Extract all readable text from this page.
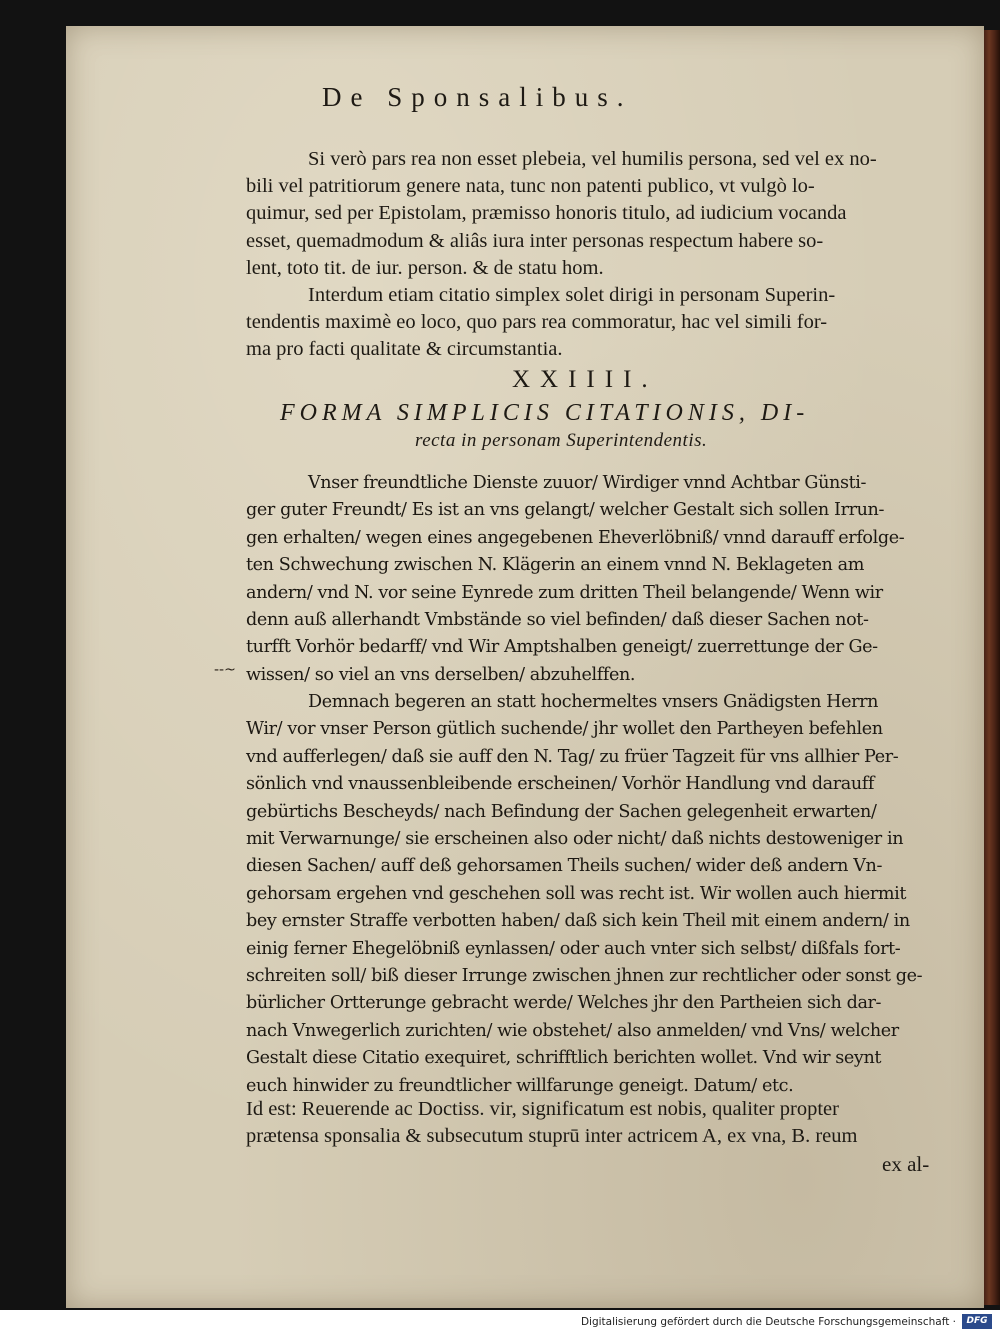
De Sponsalibus.
Si verò pars rea non esset plebeia, vel humilis persona, sed vel ex no-
bili vel patritiorum genere nata, tunc non patenti publico, vt vulgò lo-
quimur, sed per Epistolam, præmisso honoris titulo, ad iudicium vocanda
esset, quemadmodum & aliâs iura inter personas respectum habere so-
lent, toto tit. de iur. person. & de statu hom.
Interdum etiam citatio simplex solet dirigi in personam Superin-
tendentis maximè eo loco, quo pars rea commoratur, hac vel simili for-
ma pro facti qualitate & circumstantia.
XXIIII.
FORMA SIMPLICIS CITATIONIS, DI-
recta in personam Superintendentis.
Vnser freundtliche Dienste zuuor/ Wirdiger vnnd Achtbar Günsti-
ger guter Freundt/ Es ist an vns gelangt/ welcher Gestalt sich sollen Irrun-
gen erhalten/ wegen eines angegebenen Eheverlöbniß/ vnnd darauff erfolge-
ten Schwechung zwischen N. Klägerin an einem vnnd N. Beklageten am
andern/ vnd N. vor seine Eynrede zum dritten Theil belangende/ Wenn wir
denn auß allerhandt Vmbstände so viel befinden/ daß dieser Sachen not-
turfft Vorhör bedarff/ vnd Wir Amptshalben geneigt/ zuerrettunge der Ge-
wissen/ so viel an vns derselben/ abzuhelffen.
--~
Demnach begeren an statt hochermeltes vnsers Gnädigsten Herrn
Wir/ vor vnser Person gütlich suchende/ jhr wollet den Partheyen befehlen
vnd aufferlegen/ daß sie auff den N. Tag/ zu früer Tagzeit für vns allhier Per-
sönlich vnd vnaussenbleibende erscheinen/ Vorhör Handlung vnd darauff
gebürtichs Bescheyds/ nach Befindung der Sachen gelegenheit erwarten/
mit Verwarnunge/ sie erscheinen also oder nicht/ daß nichts destoweniger in
diesen Sachen/ auff deß gehorsamen Theils suchen/ wider deß andern Vn-
gehorsam ergehen vnd geschehen soll was recht ist. Wir wollen auch hiermit
bey ernster Straffe verbotten haben/ daß sich kein Theil mit einem andern/ in
einig ferner Ehegelöbniß eynlassen/ oder auch vnter sich selbst/ dißfals fort-
schreiten soll/ biß dieser Irrunge zwischen jhnen zur rechtlicher oder sonst ge-
bürlicher Ortterunge gebracht werde/ Welches jhr den Partheien sich dar-
nach Vnwegerlich zurichten/ wie obstehet/ also anmelden/ vnd Vns/ welcher
Gestalt diese Citatio exequiret, schrifftlich berichten wollet. Vnd wir seynt
euch hinwider zu freundtlicher willfarunge geneigt. Datum/ etc.
Id est: Reuerende ac Doctiss. vir, significatum est nobis, qualiter propter
prætensa sponsalia & subsecutum stuprū inter actricem A, ex vna, B. reum
ex al-
Digitalisierung gefördert durch die Deutsche Forschungsgemeinschaft ·	DFG
